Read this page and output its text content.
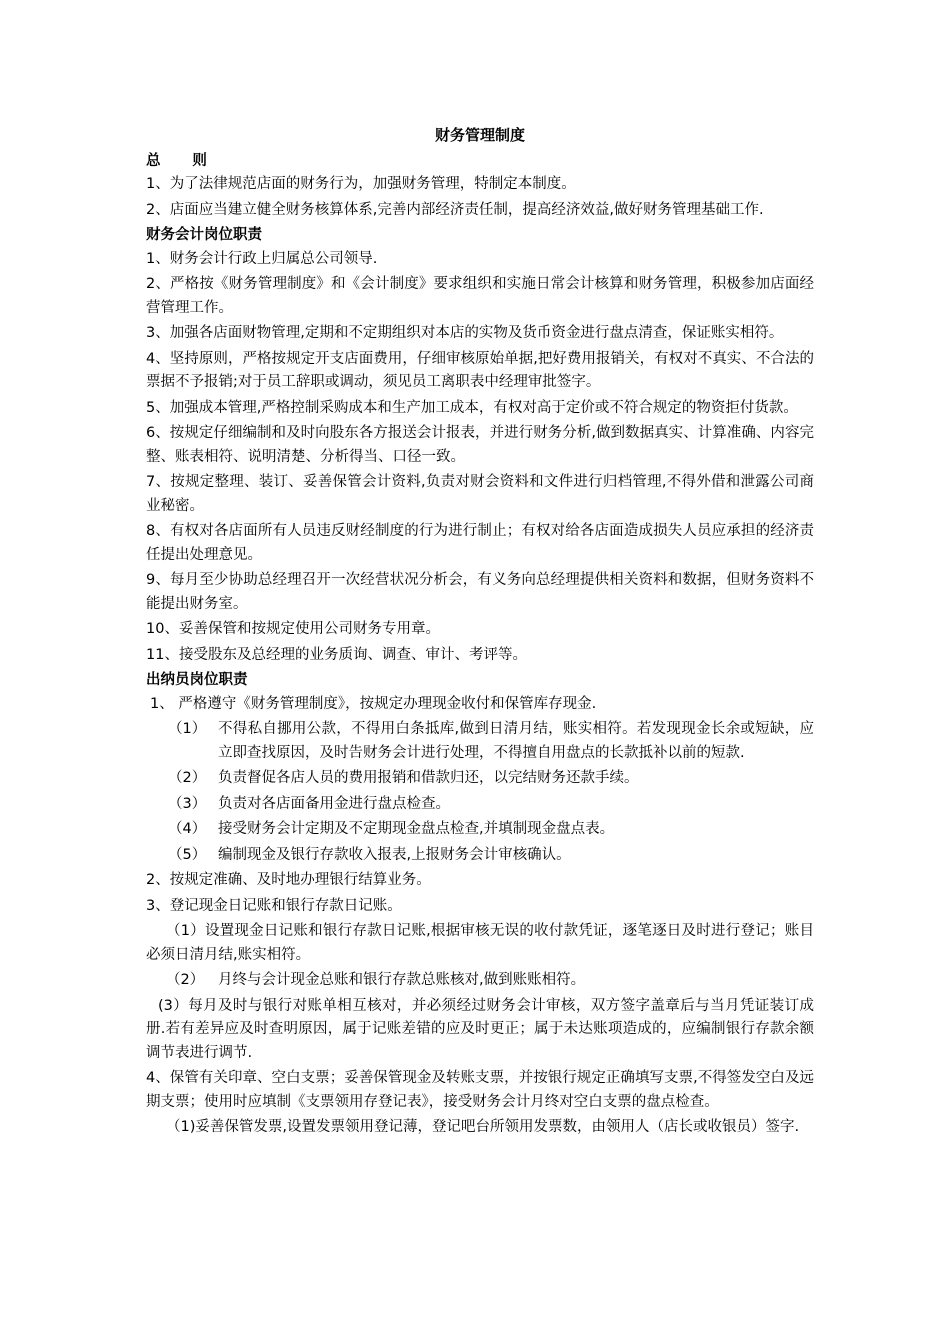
财务管理制度
总则
1、为了法律规范店面的财务行为，加强财务管理，特制定本制度。
2、店面应当建立健全财务核算体系,完善内部经济责任制，提高经济效益,做好财务管理基础工作.
财务会计岗位职责
1、财务会计行政上归属总公司领导.
2、严格按《财务管理制度》和《会计制度》要求组织和实施日常会计核算和财务管理，积极参加店面经营管理工作。
3、加强各店面财物管理,定期和不定期组织对本店的实物及货币资金进行盘点清查，保证账实相符。
4、坚持原则，严格按规定开支店面费用，仔细审核原始单据,把好费用报销关，有权对不真实、不合法的票据不予报销;对于员工辞职或调动，须见员工离职表中经理审批签字。
5、加强成本管理,严格控制采购成本和生产加工成本，有权对高于定价或不符合规定的物资拒付货款。
6、按规定仔细编制和及时向股东各方报送会计报表，并进行财务分析,做到数据真实、计算准确、内容完整、账表相符、说明清楚、分析得当、口径一致。
7、按规定整理、装订、妥善保管会计资料,负责对财会资料和文件进行归档管理,不得外借和泄露公司商业秘密。
8、有权对各店面所有人员违反财经制度的行为进行制止；有权对给各店面造成损失人员应承担的经济责任提出处理意见。
9、每月至少协助总经理召开一次经营状况分析会，有义务向总经理提供相关资料和数据，但财务资料不能提出财务室。
10、妥善保管和按规定使用公司财务专用章。
11、接受股东及总经理的业务质询、调查、审计、考评等。
出纳员岗位职责
1、 严格遵守《财务管理制度》，按规定办理现金收付和保管库存现金.
（1） 不得私自挪用公款，不得用白条抵库,做到日清月结，账实相符。若发现现金长余或短缺，应立即查找原因，及时告财务会计进行处理，不得擅自用盘点的长款抵补以前的短款.
（2） 负责督促各店人员的费用报销和借款归还，以完结财务还款手续。
（3） 负责对各店面备用金进行盘点检查。
（4） 接受财务会计定期及不定期现金盘点检查,并填制现金盘点表。
（5） 编制现金及银行存款收入报表,上报财务会计审核确认。
2、按规定准确、及时地办理银行结算业务。
3、登记现金日记账和银行存款日记账。
（1）设置现金日记账和银行存款日记账,根据审核无误的收付款凭证，逐笔逐日及时进行登记；账目必须日清月结,账实相符。
（2）   月终与会计现金总账和银行存款总账核对,做到账账相符。
(3）每月及时与银行对账单相互核对，并必须经过财务会计审核，双方签字盖章后与当月凭证装订成册.若有差异应及时查明原因，属于记账差错的应及时更正；属于未达账项造成的，应编制银行存款余额调节表进行调节.
4、保管有关印章、空白支票；妥善保管现金及转账支票，并按银行规定正确填写支票,不得签发空白及远期支票；使用时应填制《支票领用存登记表》，接受财务会计月终对空白支票的盘点检查。
（1)妥善保管发票,设置发票领用登记薄，登记吧台所领用发票数，由领用人（店长或收银员）签字.
